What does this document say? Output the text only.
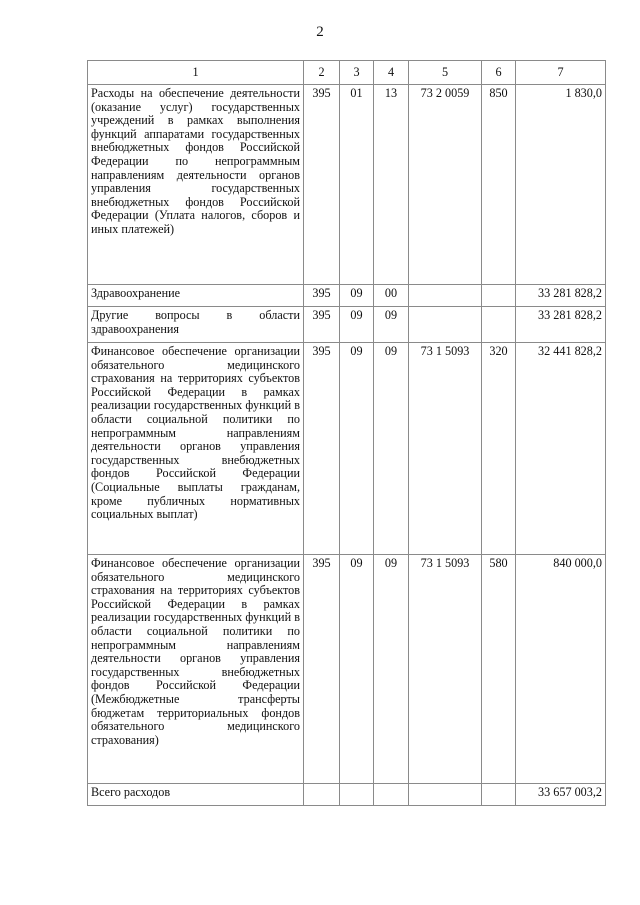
2
1	2	3	4	5	6	7
Расходы на обеспечение деятельности (оказание услуг) государственных учреждений в рамках выполнения функций аппаратами государственных внебюджетных фондов Российской Федерации по непрограммным направлениям деятельности органов управления государственных внебюджетных фондов Российской Федерации (Уплата налогов, сборов и иных платежей)	395	01	13	73 2 0059	850	1 830,0
Здравоохранение	395	09	00			33 281 828,2
Другие вопросы в области здравоохранения	395	09	09			33 281 828,2
Финансовое обеспечение организации обязательного медицинского страхования на территориях субъектов Российской Федерации в рамках реализации государственных функций в области социальной политики по непрограммным направлениям деятельности органов управления государственных внебюджетных фондов Российской Федерации (Социальные выплаты гражданам, кроме публичных нормативных социальных выплат)	395	09	09	73 1 5093	320	32 441 828,2
Финансовое обеспечение организации обязательного медицинского страхования на территориях субъектов Российской Федерации в рамках реализации государственных функций в области социальной политики по непрограммным направлениям деятельности органов управления государственных внебюджетных фондов Российской Федерации (Межбюджетные трансферты бюджетам территориальных фондов обязательного медицинского страхования)	395	09	09	73 1 5093	580	840 000,0
Всего расходов						33 657 003,2
